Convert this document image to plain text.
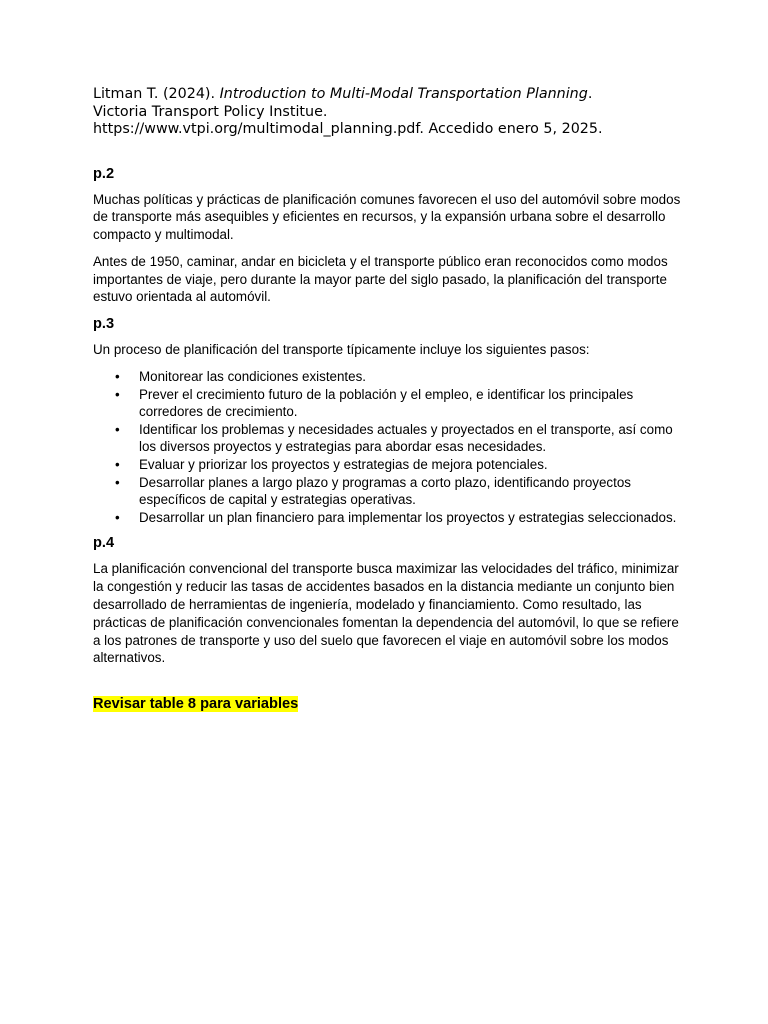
Litman T. (2024). Introduction to Multi-Modal Transportation Planning.
Victoria Transport Policy Institue.
https://www.vtpi.org/multimodal_planning.pdf. Accedido enero 5, 2025.
p.2

Muchas políticas y prácticas de planificación comunes favorecen el uso del automóvil sobre modos de transporte más asequibles y eficientes en recursos, y la expansión urbana sobre el desarrollo compacto y multimodal.

Antes de 1950, caminar, andar en bicicleta y el transporte público eran reconocidos como modos importantes de viaje, pero durante la mayor parte del siglo pasado, la planificación del transporte estuvo orientada al automóvil.

p.3

Un proceso de planificación del transporte típicamente incluye los siguientes pasos:

• Monitorear las condiciones existentes.
• Prever el crecimiento futuro de la población y el empleo, e identificar los principales corredores de crecimiento.
• Identificar los problemas y necesidades actuales y proyectados en el transporte, así como los diversos proyectos y estrategias para abordar esas necesidades.
• Evaluar y priorizar los proyectos y estrategias de mejora potenciales.
• Desarrollar planes a largo plazo y programas a corto plazo, identificando proyectos específicos de capital y estrategias operativas.
• Desarrollar un plan financiero para implementar los proyectos y estrategias seleccionados.
p.4

La planificación convencional del transporte busca maximizar las velocidades del tráfico, minimizar la congestión y reducir las tasas de accidentes basados en la distancia mediante un conjunto bien desarrollado de herramientas de ingeniería, modelado y financiamiento. Como resultado, las prácticas de planificación convencionales fomentan la dependencia del automóvil, lo que se refiere a los patrones de transporte y uso del suelo que favorecen el viaje en automóvil sobre los modos alternativos.

Revisar table 8 para variables
